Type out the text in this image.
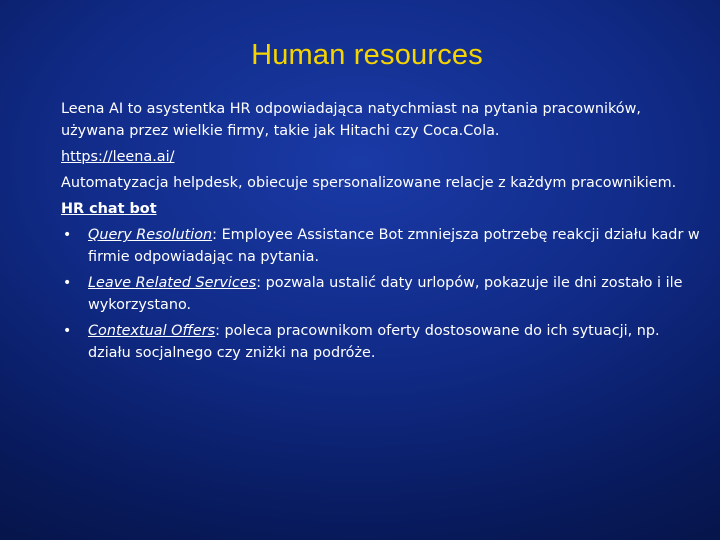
Human resources

Leena AI to asystentka HR odpowiadająca natychmiast na pytania pracowników, używana przez wielkie firmy, takie jak Hitachi czy Coca.Cola.

https://leena.ai/

Automatyzacja helpdesk, obiecuje spersonalizowane relacje z każdym pracownikiem.

HR chat bot

• Query Resolution: Employee Assistance Bot zmniejsza potrzebę reakcji działu kadr w firmie odpowiadając na pytania.
• Leave Related Services: pozwala ustalić daty urlopów, pokazuje ile dni zostało i ile wykorzystano.
• Contextual Offers: poleca pracownikom oferty dostosowane do ich sytuacji, np. działu socjalnego czy zniżki na podróże.
